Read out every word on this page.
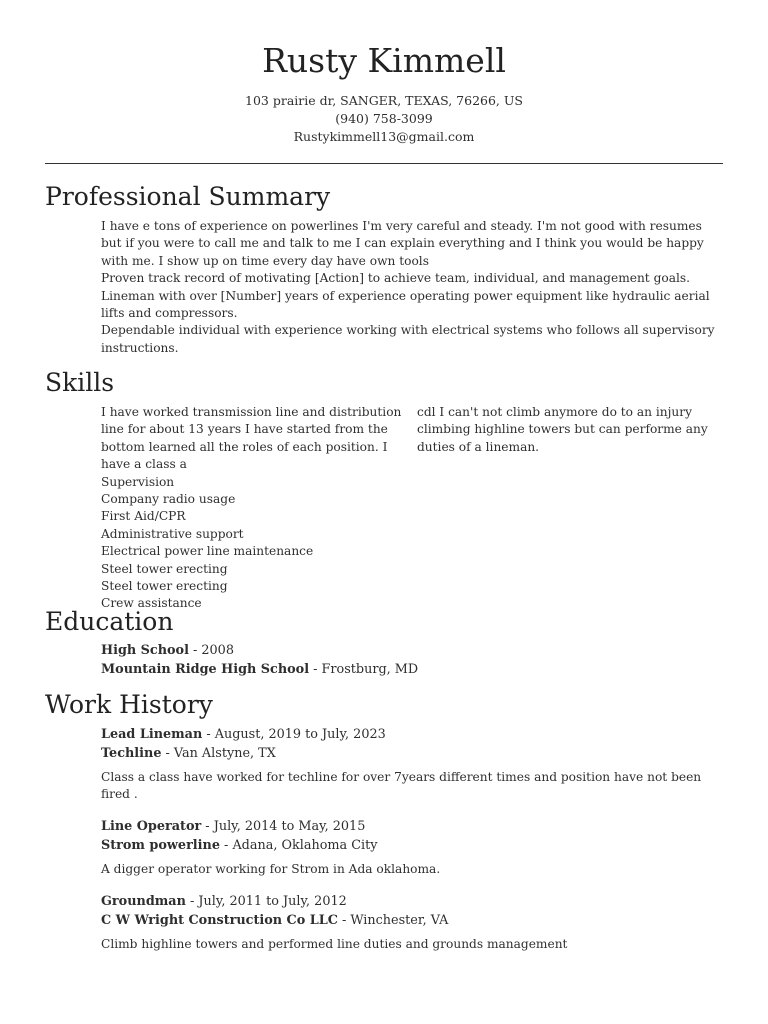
Rusty Kimmell
103 prairie dr, SANGER, TEXAS, 76266, US
(940) 758-3099
Rustykimmell13@gmail.com
Professional Summary

I have e tons of experience on powerlines I'm very careful and steady. I'm not good with resumes but if you were to call me and talk to me I can explain everything and I think you would be happy with me. I show up on time every day have own tools

Proven track record of motivating [Action] to achieve team, individual, and management goals.

Lineman with over [Number] years of experience operating power equipment like hydraulic aerial lifts and compressors.

Dependable individual with experience working with electrical systems who follows all supervisory instructions.

Skills

I have worked transmission line and distribution line for about 13 years I have started from the bottom learned all the roles of each position. I have a class a

Supervision

Company radio usage

First Aid/CPR

Administrative support

Electrical power line maintenance

Steel tower erecting

Steel tower erecting

Crew assistance

cdl I can't not climb anymore do to an injury climbing highline towers but can performe any duties of a lineman.

Education
High School - 2008
Mountain Ridge High School - Frostburg, MD
Work History
Lead Lineman - August, 2019 to July, 2023
Techline - Van Alstyne, TX
Class a class have worked for techline for over 7years different times and position have not been fired .
Line Operator - July, 2014 to May, 2015
Strom powerline - Adana, Oklahoma City
A digger operator working for Strom in Ada oklahoma.
Groundman - July, 2011 to July, 2012
C W Wright Construction Co LLC - Winchester, VA
Climb highline towers and performed line duties and grounds management
